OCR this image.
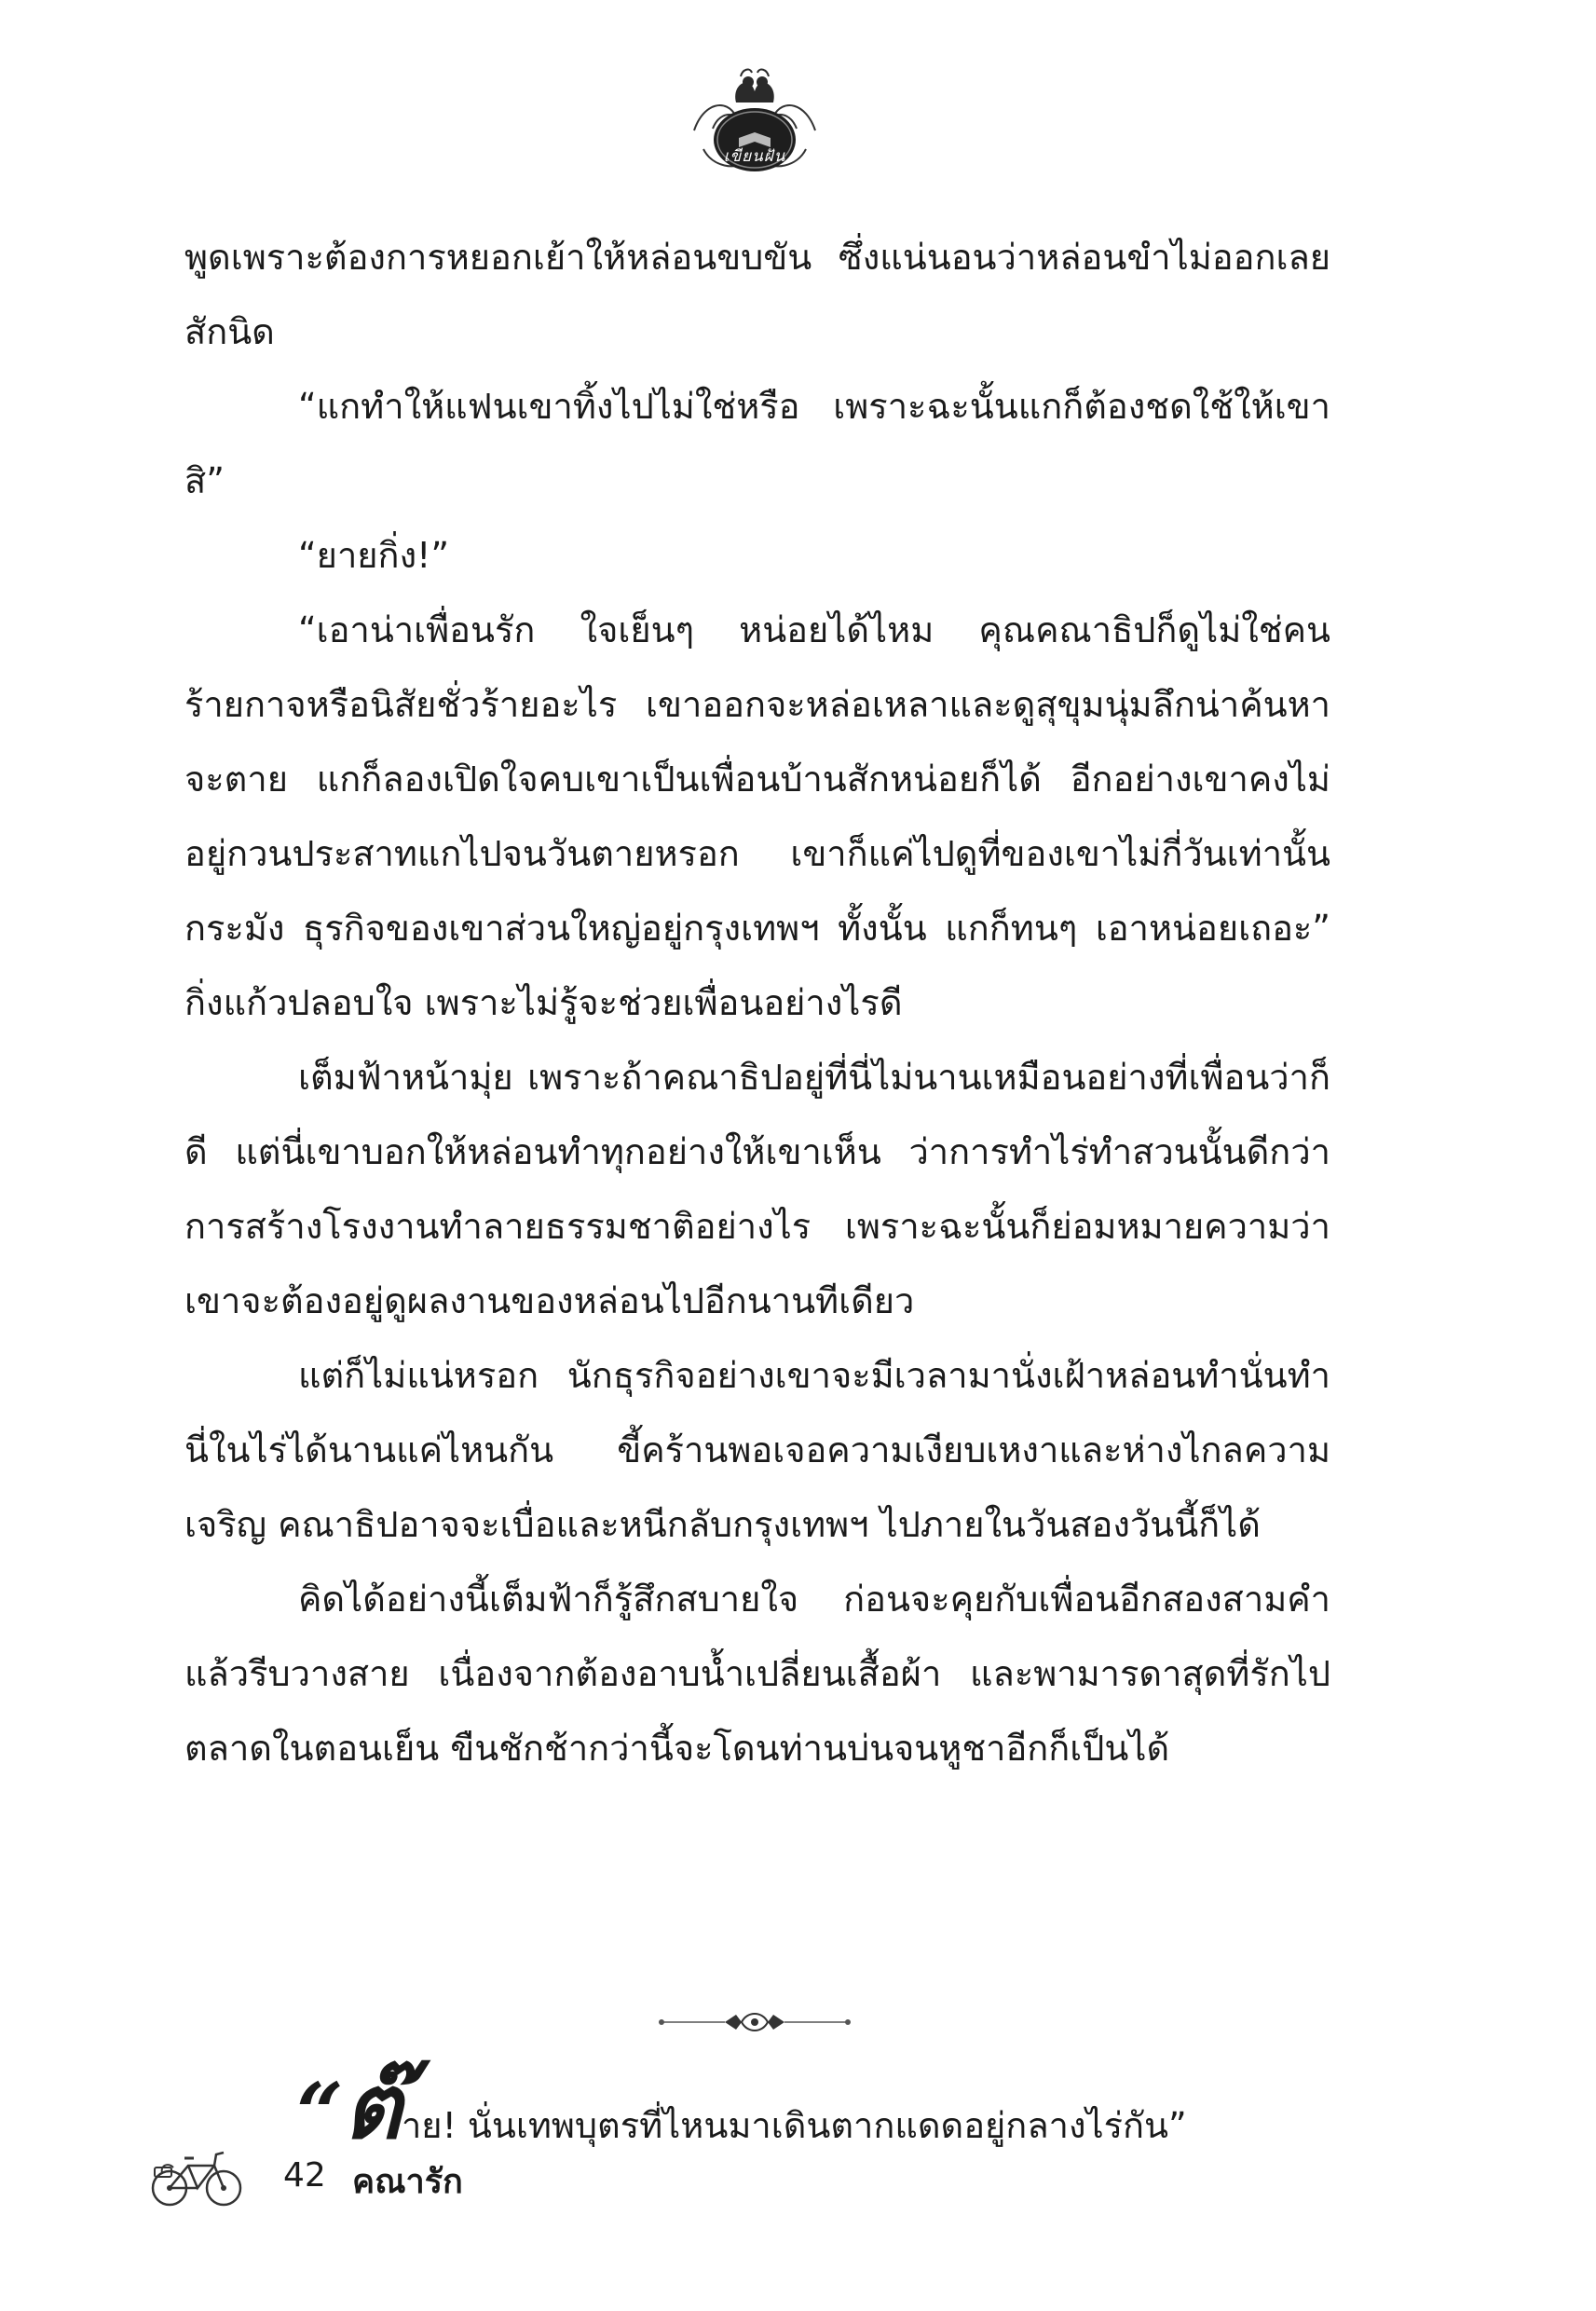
เขียนฝัน

พูดเพราะต้องการหยอกเย้าให้หล่อนขบขัน ซึ่งแน่นอนว่าหล่อนขำไม่ออกเลยสักนิด

“แกทำให้แฟนเขาทิ้งไปไม่ใช่หรือ เพราะฉะนั้นแกก็ต้องชดใช้ให้เขาสิ”

“ยายกิ่ง!”

“เอาน่าเพื่อนรัก ใจเย็นๆ หน่อยได้ไหม คุณคณาธิปก็ดูไม่ใช่คนร้ายกาจหรือนิสัยชั่วร้ายอะไร เขาออกจะหล่อเหลาและดูสุขุมนุ่มลึกน่าค้นหาจะตาย แกก็ลองเปิดใจคบเขาเป็นเพื่อนบ้านสักหน่อยก็ได้ อีกอย่างเขาคงไม่อยู่กวนประสาทแกไปจนวันตายหรอก เขาก็แค่ไปดูที่ของเขาไม่กี่วันเท่านั้นกระมัง ธุรกิจของเขาส่วนใหญ่อยู่กรุงเทพฯ ทั้งนั้น แกก็ทนๆ เอาหน่อยเถอะ” กิ่งแก้วปลอบใจ เพราะไม่รู้จะช่วยเพื่อนอย่างไรดี

เต็มฟ้าหน้ามุ่ย เพราะถ้าคณาธิปอยู่ที่นี่ไม่นานเหมือนอย่างที่เพื่อนว่าก็ดี แต่นี่เขาบอกให้หล่อนทำทุกอย่างให้เขาเห็น ว่าการทำไร่ทำสวนนั้นดีกว่าการสร้างโรงงานทำลายธรรมชาติอย่างไร เพราะฉะนั้นก็ย่อมหมายความว่าเขาจะต้องอยู่ดูผลงานของหล่อนไปอีกนานทีเดียว

แต่ก็ไม่แน่หรอก นักธุรกิจอย่างเขาจะมีเวลามานั่งเฝ้าหล่อนทำนั่นทำนี่ในไร่ได้นานแค่ไหนกัน ขี้คร้านพอเจอความเงียบเหงาและห่างไกลความเจริญ คณาธิปอาจจะเบื่อและหนีกลับกรุงเทพฯ ไปภายในวันสองวันนี้ก็ได้

คิดได้อย่างนี้เต็มฟ้าก็รู้สึกสบายใจ ก่อนจะคุยกับเพื่อนอีกสองสามคำแล้วรีบวางสาย เนื่องจากต้องอาบน้ำเปลี่ยนเสื้อผ้า และพามารดาสุดที่รักไปตลาดในตอนเย็น ขืนชักช้ากว่านี้จะโดนท่านบ่นจนหูชาอีกก็เป็นได้

“ต๊าย! นั่นเทพบุตรที่ไหนมาเดินตากแดดอยู่กลางไร่กัน”
42 คณารัก
